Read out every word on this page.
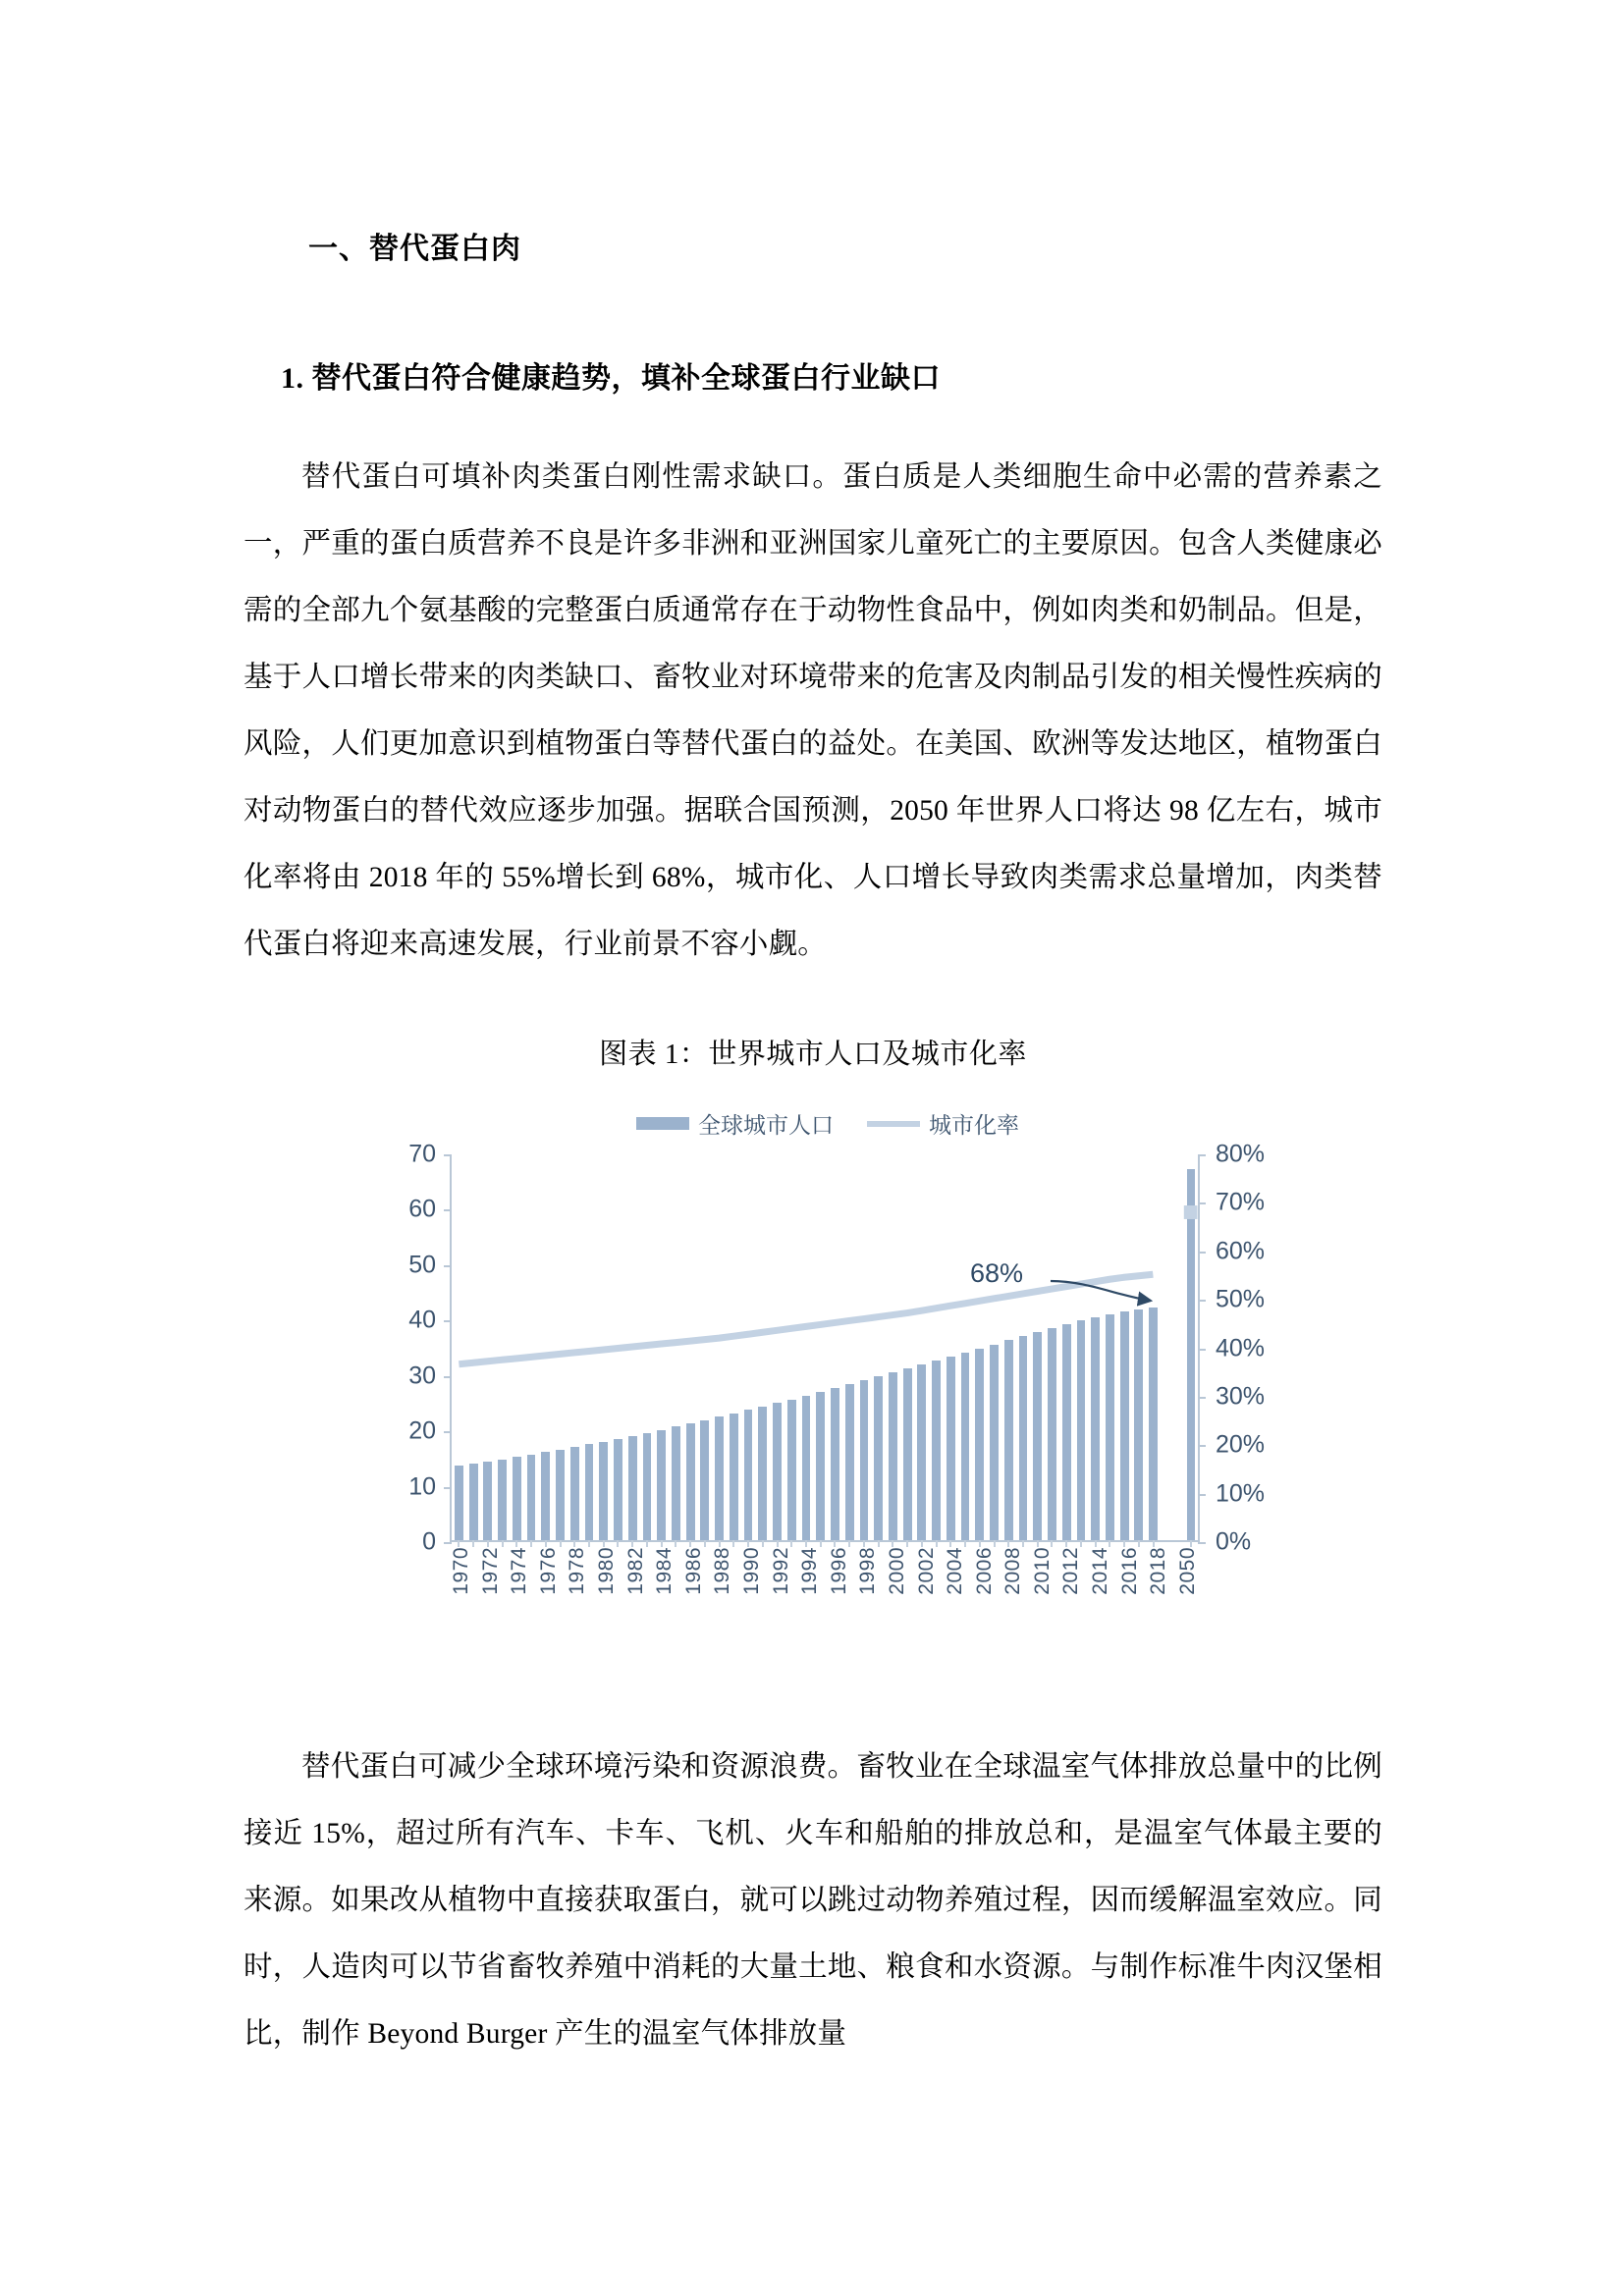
一、替代蛋白肉
1. 替代蛋白符合健康趋势，填补全球蛋白行业缺口

替代蛋白可填补肉类蛋白刚性需求缺口。蛋白质是人类细胞生命中必需的营养素之一，严重的蛋白质营养不良是许多非洲和亚洲国家儿童死亡的主要原因。包含人类健康必需的全部九个氨基酸的完整蛋白质通常存在于动物性食品中，例如肉类和奶制品。但是，基于人口增长带来的肉类缺口、畜牧业对环境带来的危害及肉制品引发的相关慢性疾病的风险，人们更加意识到植物蛋白等替代蛋白的益处。在美国、欧洲等发达地区，植物蛋白对动物蛋白的替代效应逐步加强。据联合国预测，2050 年世界人口将达 98 亿左右，城市化率将由 2018 年的 55%增长到 68%，城市化、人口增长导致肉类需求总量增加，肉类替代蛋白将迎来高速发展，行业前景不容小觑。

图表 1：世界城市人口及城市化率
全球城市人口	城市化率
0
10
20
30
40
50
60
70
0%
10%
20%
30%
40%
50%
60%
70%
80%
1970 1972 1974 1976 1978 1980 1982 1984 1986 1988 1990 1992 1994 1996 1998 2000 2002 2004 2006 2008 2010 2012 2014 2016 2018 2050
68%

替代蛋白可减少全球环境污染和资源浪费。畜牧业在全球温室气体排放总量中的比例接近 15%，超过所有汽车、卡车、飞机、火车和船舶的排放总和，是温室气体最主要的来源。如果改从植物中直接获取蛋白，就可以跳过动物养殖过程，因而缓解温室效应。同时，人造肉可以节省畜牧养殖中消耗的大量土地、粮食和水资源。与制作标准牛肉汉堡相比，制作 Beyond Burger 产生的温室气体排放量
